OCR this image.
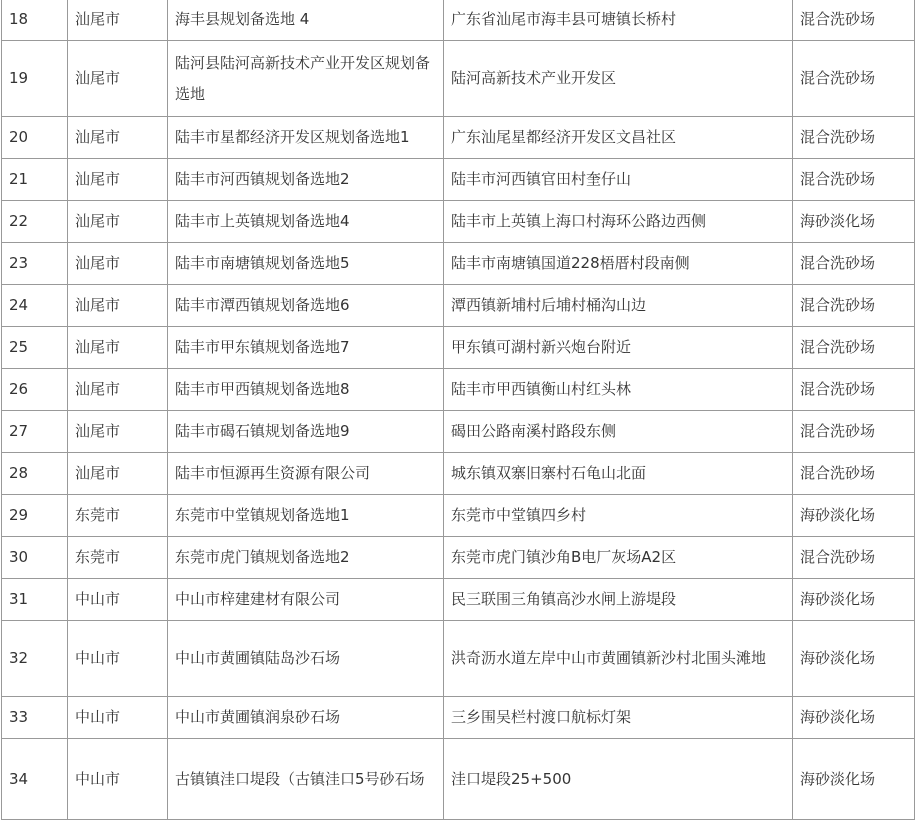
18	汕尾市	海丰县规划备选地 4	广东省汕尾市海丰县可塘镇长桥村	混合洗砂场
19	汕尾市	陆河县陆河高新技术产业开发区规划备选地	陆河高新技术产业开发区	混合洗砂场
20	汕尾市	陆丰市星都经济开发区规划备选地1	广东汕尾星都经济开发区文昌社区	混合洗砂场
21	汕尾市	陆丰市河西镇规划备选地2	陆丰市河西镇官田村奎仔山	混合洗砂场
22	汕尾市	陆丰市上英镇规划备选地4	陆丰市上英镇上海口村海环公路边西侧	海砂淡化场
23	汕尾市	陆丰市南塘镇规划备选地5	陆丰市南塘镇国道228梧厝村段南侧	混合洗砂场
24	汕尾市	陆丰市潭西镇规划备选地6	潭西镇新埔村后埔村桶沟山边	混合洗砂场
25	汕尾市	陆丰市甲东镇规划备选地7	甲东镇可湖村新兴炮台附近	混合洗砂场
26	汕尾市	陆丰市甲西镇规划备选地8	陆丰市甲西镇衡山村红头林	混合洗砂场
27	汕尾市	陆丰市碣石镇规划备选地9	碣田公路南溪村路段东侧	混合洗砂场
28	汕尾市	陆丰市恒源再生资源有限公司	城东镇双寨旧寨村石龟山北面	混合洗砂场
29	东莞市	东莞市中堂镇规划备选地1	东莞市中堂镇四乡村	海砂淡化场
30	东莞市	东莞市虎门镇规划备选地2	东莞市虎门镇沙角B电厂灰场A2区	混合洗砂场
31	中山市	中山市梓建建材有限公司	民三联围三角镇高沙水闸上游堤段	海砂淡化场
32	中山市	中山市黄圃镇陆岛沙石场	洪奇沥水道左岸中山市黄圃镇新沙村北围头滩地	海砂淡化场
33	中山市	中山市黄圃镇润泉砂石场	三乡围吴栏村渡口航标灯架	海砂淡化场
34	中山市	古镇镇洼口堤段（古镇洼口5号砂石场	洼口堤段25+500	海砂淡化场
